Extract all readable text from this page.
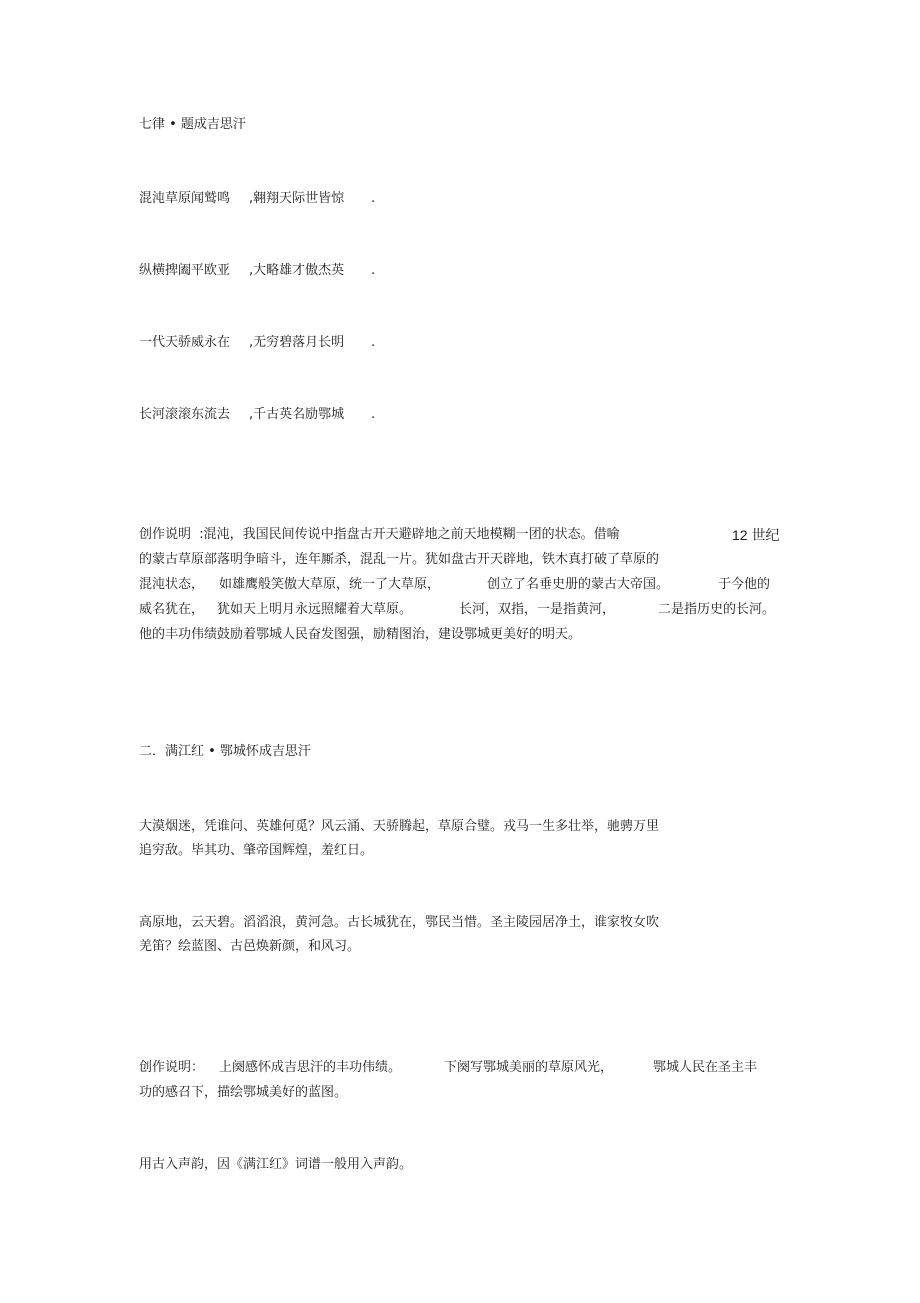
七律 • 题成吉思汗

混沌草原闻鹫鸣

,翱翔天际世皆惊

.

纵横捭阖平欧亚

,大略雄才傲杰英

.

一代天骄威永在

,无穷碧落月长明

.

长河滚滚东流去

,千古英名励鄂城

.

创作说明  :混沌，我国民间传说中指盘古开天避辟地之前天地模糊一团的状态。借喻

	12 世纪

的蒙古草原部落明争暗斗，连年厮杀，混乱一片。犹如盘古开天辟地，铁木真打破了草原的

混沌状态，

如雄鹰般笑傲大草原，统一了大草原，

	创立了名垂史册的蒙古大帝国。

	于今他的

威名犹在，

犹如天上明月永远照耀着大草原。

	长河，双指，一是指黄河，

	二是指历史的长河。

他的丰功伟绩鼓励着鄂城人民奋发图强，励精图治，建设鄂城更美好的明天。
二．满江红 • 鄂城怀成吉思汗
大漠烟迷，凭谁问、英雄何觅？风云涌、天骄腾起，草原合璧。戎马一生多壮举，驰骋万里
追穷敌。毕其功、肇帝国辉煌，羞红日。
高原地，云天碧。滔滔浪，黄河急。古长城犹在，鄂民当惜。圣主陵园居净土，谁家牧女吹
羌笛？绘蓝图、古邑焕新颜，和风习。

创作说明：

上阕感怀成吉思汗的丰功伟绩。

	下阕写鄂城美丽的草原风光，

	鄂城人民在圣主丰

功的感召下，描绘鄂城美好的蓝图。
用古入声韵，因《满江红》词谱一般用入声韵。
